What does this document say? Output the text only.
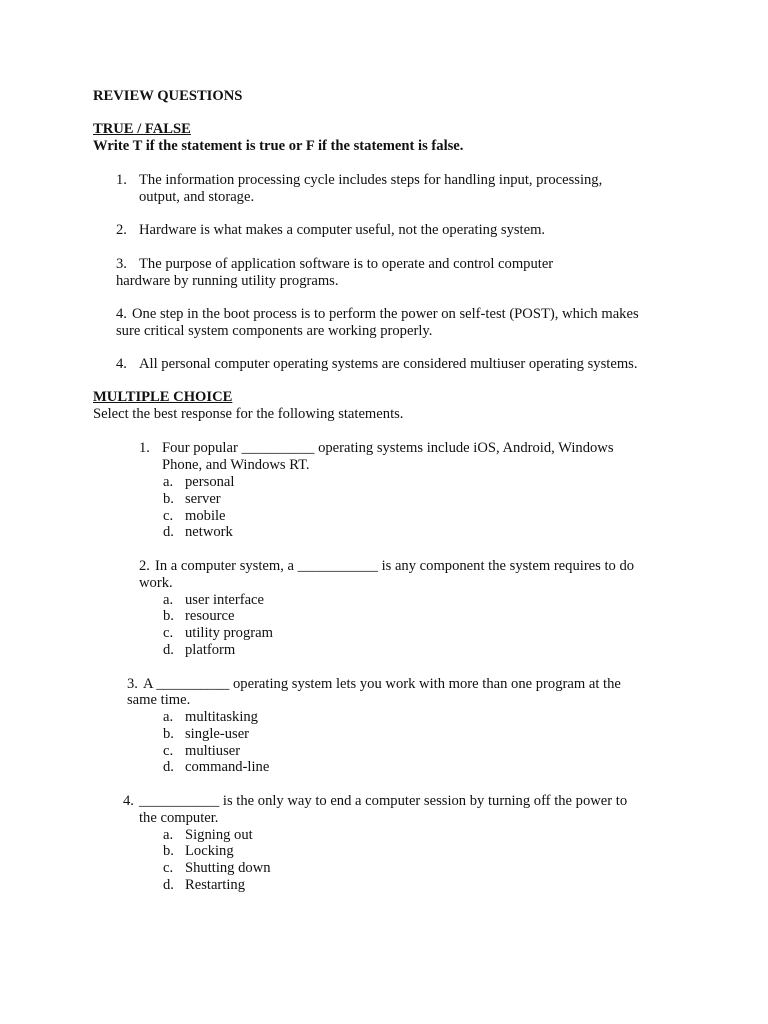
REVIEW QUESTIONS
TRUE / FALSE
Write T if the statement is true or F if the statement is false.
1. The information processing cycle includes steps for handling input, processing,
output, and storage.
2. Hardware is what makes a computer useful, not the operating system.
3. The purpose of application software is to operate and control computer
hardware by running utility programs.
4. One step in the boot process is to perform the power on self-test (POST), which makes
sure critical system components are working properly.
4. All personal computer operating systems are considered multiuser operating systems.
MULTIPLE CHOICE
Select the best response for the following statements.
1. Four popular __________ operating systems include iOS, Android, Windows
Phone, and Windows RT.
a. personal
b. server
c. mobile
d. network
2. In a computer system, a ___________ is any component the system requires to do
work.
a. user interface
b. resource
c. utility program
d. platform
3. A __________ operating system lets you work with more than one program at the
same time.
a. multitasking
b. single-user
c. multiuser
d. command-line
4. ___________ is the only way to end a computer session by turning off the power to
the computer.
a. Signing out
b. Locking
c. Shutting down
d. Restarting
